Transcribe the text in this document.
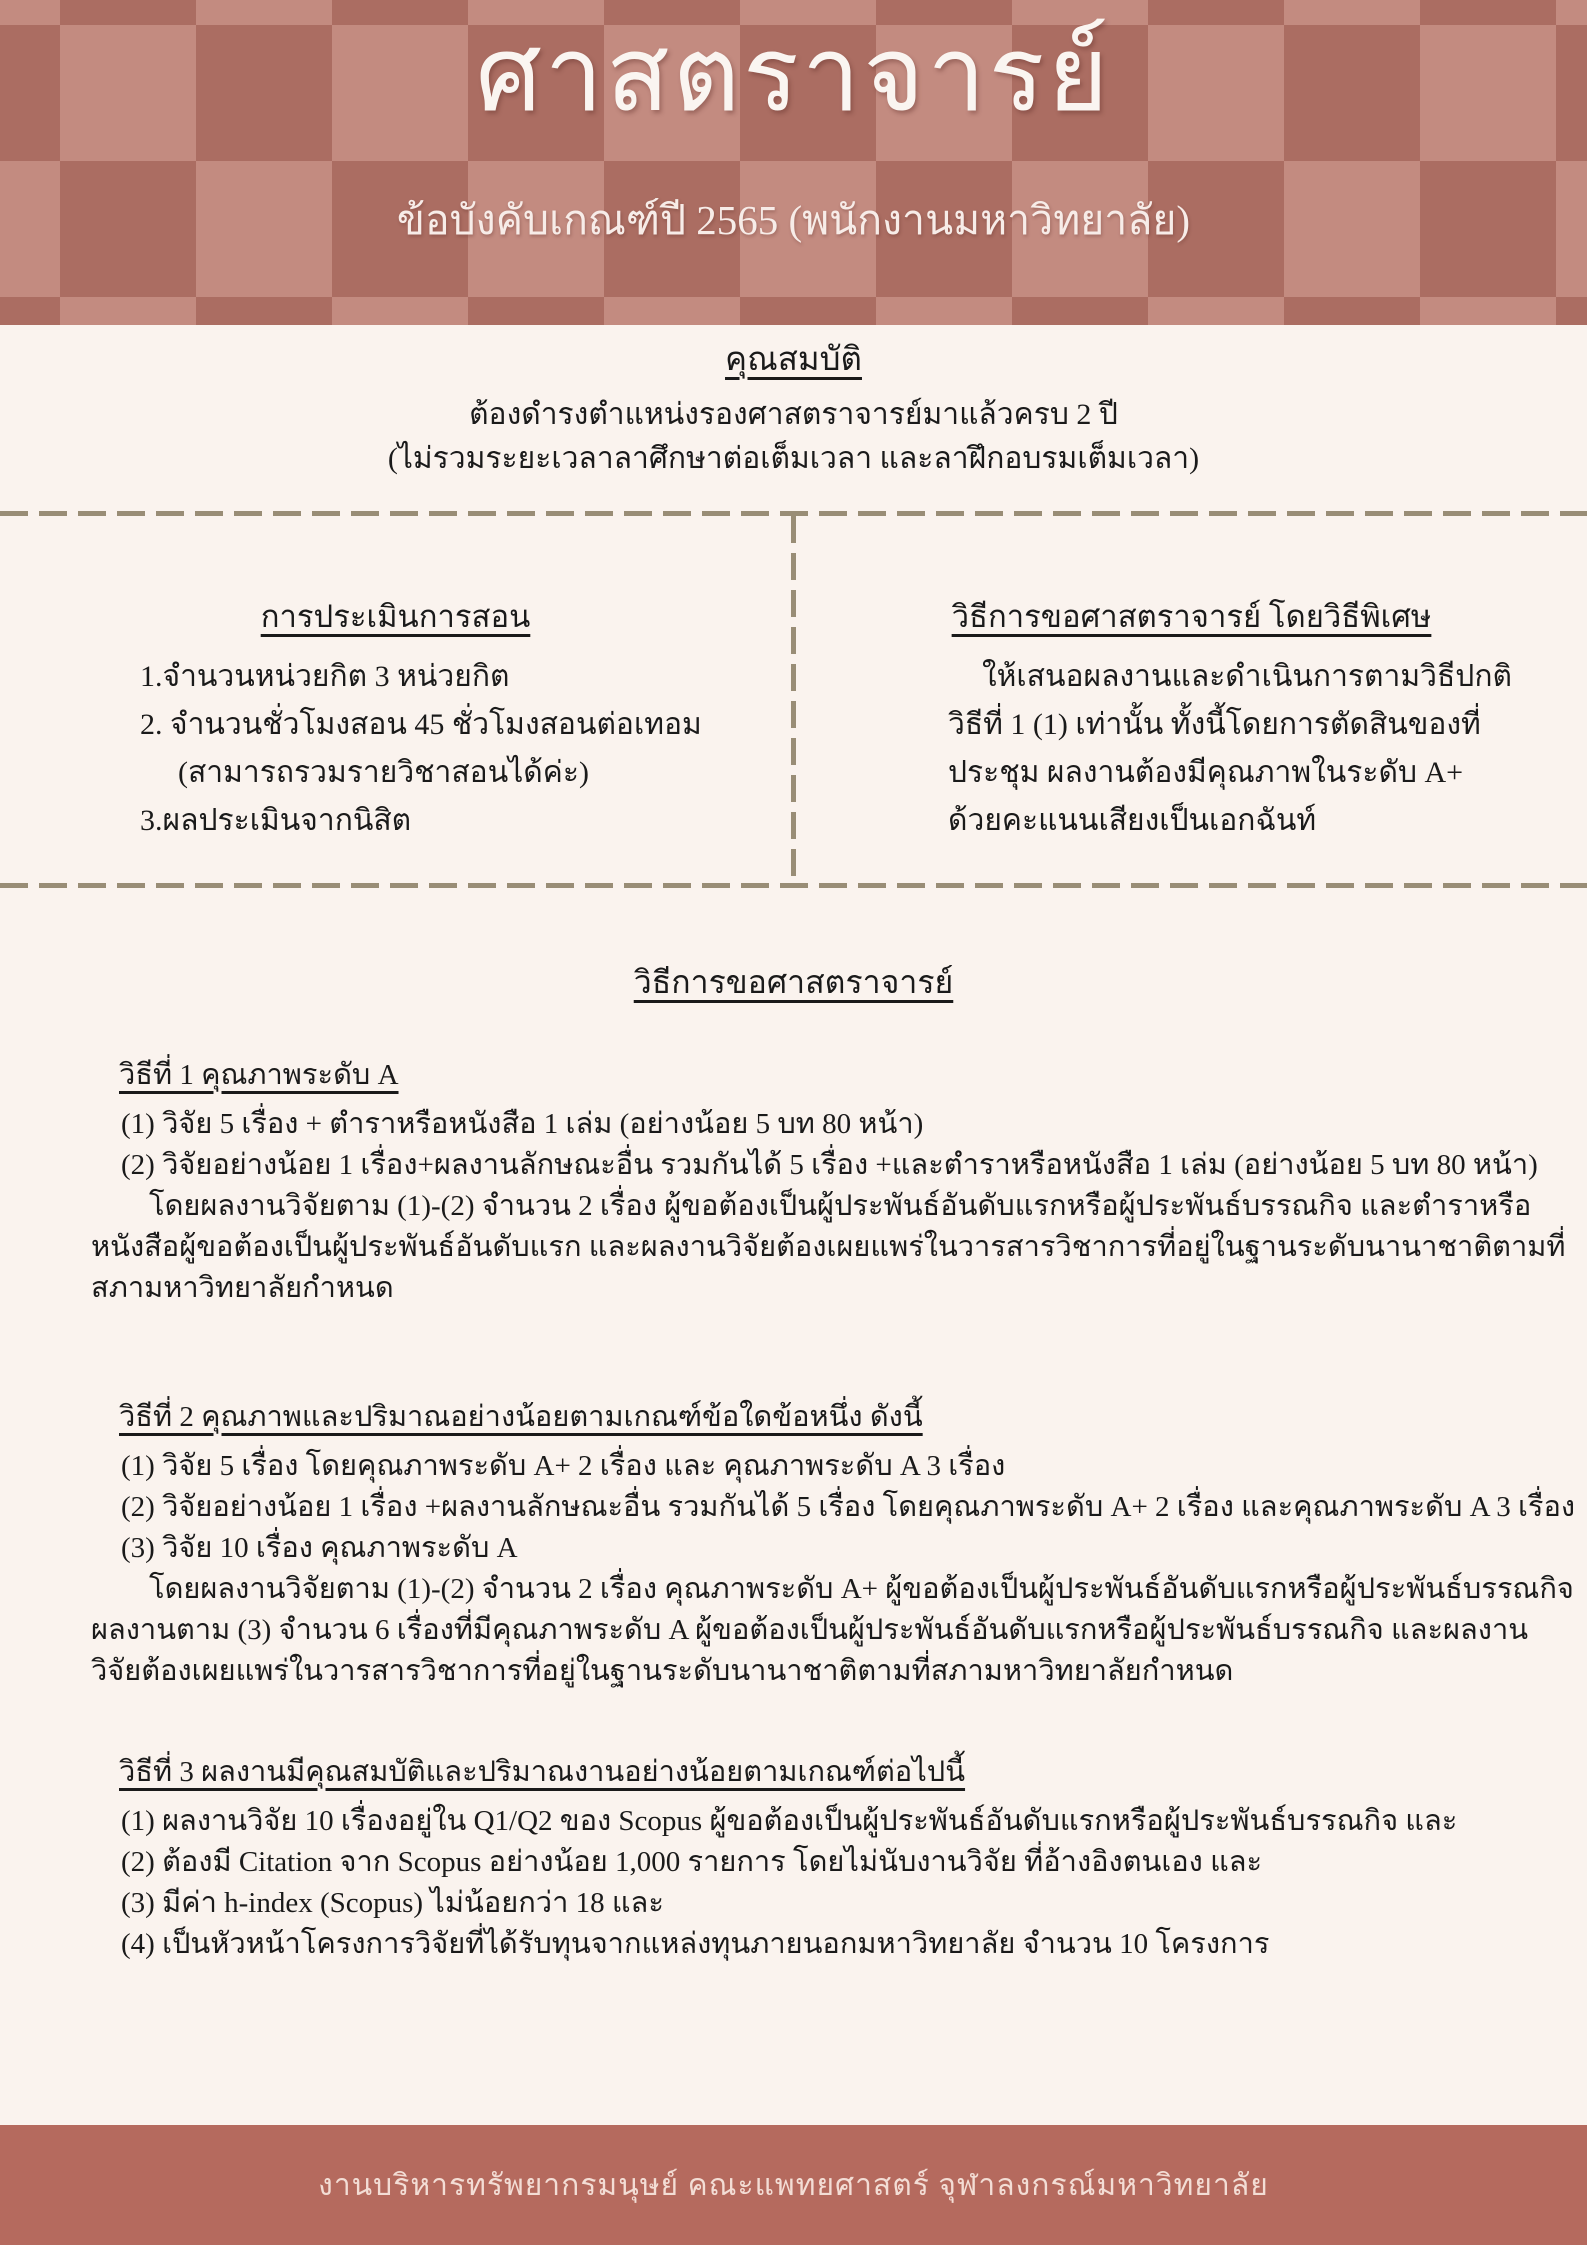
ศาสตราจารย์
ข้อบังคับเกณฑ์ปี 2565 (พนักงานมหาวิทยาลัย)
คุณสมบัติ
ต้องดำรงตำแหน่งรองศาสตราจารย์มาแล้วครบ 2 ปี
(ไม่รวมระยะเวลาลาศึกษาต่อเต็มเวลา และลาฝึกอบรมเต็มเวลา)
การประเมินการสอน
1.จำนวนหน่วยกิต 3 หน่วยกิต
2. จำนวนชั่วโมงสอน 45 ชั่วโมงสอนต่อเทอม
(สามารถรวมรายวิชาสอนได้ค่ะ)
3.ผลประเมินจากนิสิต
วิธีการขอศาสตราจารย์ โดยวิธีพิเศษ
ให้เสนอผลงานและดำเนินการตามวิธีปกติ
วิธีที่ 1 (1) เท่านั้น ทั้งนี้โดยการตัดสินของที่
ประชุม ผลงานต้องมีคุณภาพในระดับ A+
ด้วยคะแนนเสียงเป็นเอกฉันท์
วิธีการขอศาสตราจารย์
วิธีที่ 1 คุณภาพระดับ A
(1) วิจัย 5 เรื่อง + ตำราหรือหนังสือ 1 เล่ม (อย่างน้อย 5 บท 80 หน้า)
(2) วิจัยอย่างน้อย 1 เรื่อง+ผลงานลักษณะอื่น รวมกันได้ 5 เรื่อง +และตำราหรือหนังสือ 1 เล่ม (อย่างน้อย 5 บท 80 หน้า)
โดยผลงานวิจัยตาม (1)-(2) จำนวน 2 เรื่อง ผู้ขอต้องเป็นผู้ประพันธ์อันดับแรกหรือผู้ประพันธ์บรรณกิจ และตำราหรือ
หนังสือผู้ขอต้องเป็นผู้ประพันธ์อันดับแรก และผลงานวิจัยต้องเผยแพร่ในวารสารวิชาการที่อยู่ในฐานระดับนานาชาติตามที่
สภามหาวิทยาลัยกำหนด
วิธีที่ 2 คุณภาพและปริมาณอย่างน้อยตามเกณฑ์ข้อใดข้อหนึ่ง ดังนี้
(1) วิจัย 5 เรื่อง โดยคุณภาพระดับ A+ 2 เรื่อง และ คุณภาพระดับ A 3 เรื่อง
(2) วิจัยอย่างน้อย 1 เรื่อง +ผลงานลักษณะอื่น รวมกันได้ 5 เรื่อง โดยคุณภาพระดับ A+ 2 เรื่อง และคุณภาพระดับ A 3 เรื่อง
(3) วิจัย 10 เรื่อง คุณภาพระดับ A
โดยผลงานวิจัยตาม (1)-(2) จำนวน 2 เรื่อง คุณภาพระดับ A+ ผู้ขอต้องเป็นผู้ประพันธ์อันดับแรกหรือผู้ประพันธ์บรรณกิจ
ผลงานตาม (3) จำนวน 6 เรื่องที่มีคุณภาพระดับ A ผู้ขอต้องเป็นผู้ประพันธ์อันดับแรกหรือผู้ประพันธ์บรรณกิจ และผลงาน
วิจัยต้องเผยแพร่ในวารสารวิชาการที่อยู่ในฐานระดับนานาชาติตามที่สภามหาวิทยาลัยกำหนด
วิธีที่ 3 ผลงานมีคุณสมบัติและปริมาณงานอย่างน้อยตามเกณฑ์ต่อไปนี้
(1) ผลงานวิจัย 10 เรื่องอยู่ใน Q1/Q2 ของ Scopus ผู้ขอต้องเป็นผู้ประพันธ์อันดับแรกหรือผู้ประพันธ์บรรณกิจ และ
(2) ต้องมี Citation จาก Scopus อย่างน้อย 1,000 รายการ โดยไม่นับงานวิจัย ที่อ้างอิงตนเอง และ
(3) มีค่า h-index (Scopus) ไม่น้อยกว่า 18 และ
(4) เป็นหัวหน้าโครงการวิจัยที่ได้รับทุนจากแหล่งทุนภายนอกมหาวิทยาลัย จำนวน 10 โครงการ
งานบริหารทรัพยากรมนุษย์ คณะแพทยศาสตร์ จุฬาลงกรณ์มหาวิทยาลัย
